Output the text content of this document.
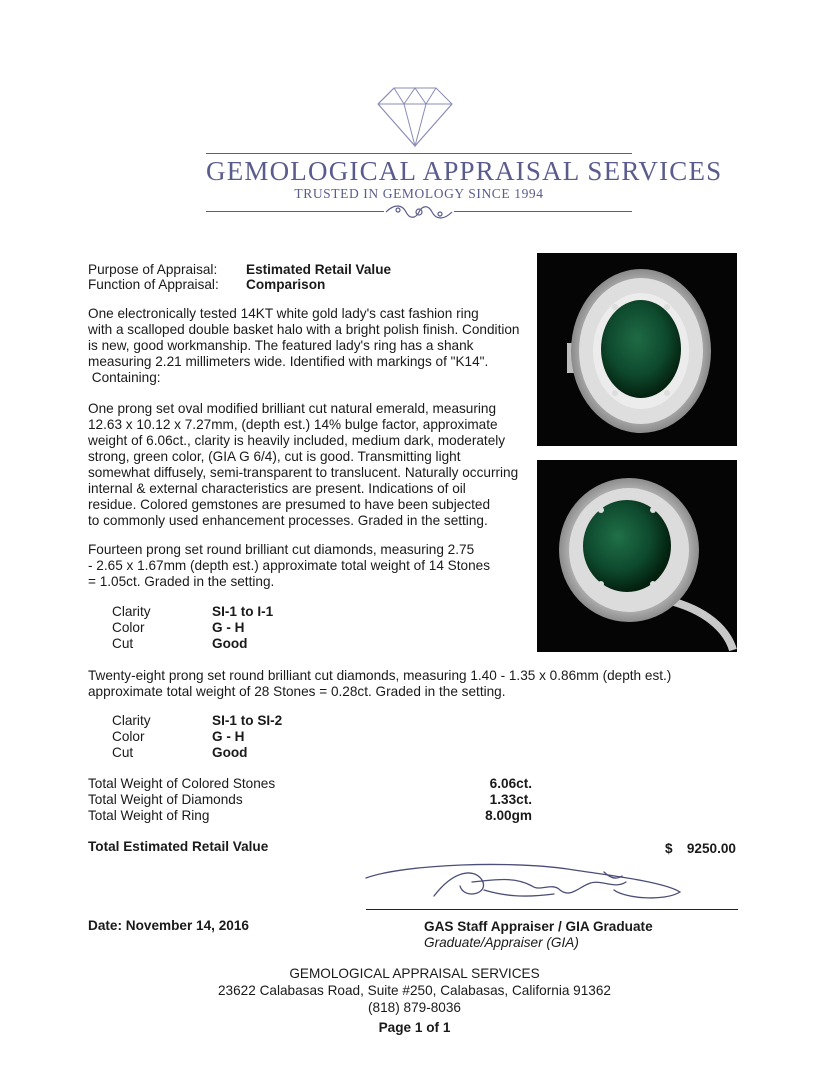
GEMOLOGICAL APPRAISAL SERVICES
TRUSTED IN GEMOLOGY SINCE 1994
Purpose of Appraisal: Estimated Retail Value
Function of Appraisal: Comparison
One electronically tested 14KT white gold lady's cast fashion ring
with a scalloped double basket halo with a bright polish finish. Condition
is new, good workmanship. The featured lady's ring has a shank
measuring 2.21 millimeters wide. Identified with markings of "K14".
Containing:
One prong set oval modified brilliant cut natural emerald, measuring
12.63 x 10.12 x 7.27mm, (depth est.) 14% bulge factor, approximate
weight of 6.06ct., clarity is heavily included, medium dark, moderately
strong, green color, (GIA G 6/4), cut is good. Transmitting light
somewhat diffusely, semi-transparent to translucent. Naturally occurring
internal & external characteristics are present. Indications of oil
residue. Colored gemstones are presumed to have been subjected
to commonly used enhancement processes. Graded in the setting.
Fourteen prong set round brilliant cut diamonds, measuring 2.75
- 2.65 x 1.67mm (depth est.) approximate total weight of 14 Stones
= 1.05ct. Graded in the setting.
Clarity	SI-1 to I-1
Color	G - H
Cut	Good
Twenty-eight prong set round brilliant cut diamonds, measuring 1.40 - 1.35 x 0.86mm (depth est.)
approximate total weight of 28 Stones = 0.28ct. Graded in the setting.
Clarity	SI-1 to SI-2
Color	G - H
Cut	Good
Total Weight of Colored Stones	6.06ct.
Total Weight of Diamonds	1.33ct.
Total Weight of Ring	8.00gm
Total Estimated Retail Value	$	9250.00
Date: November 14, 2016	GAS Staff Appraiser / GIA Graduate
Graduate/Appraiser (GIA)
GEMOLOGICAL APPRAISAL SERVICES
23622 Calabasas Road, Suite #250, Calabasas, California 91362
(818) 879-8036
Page 1 of 1
